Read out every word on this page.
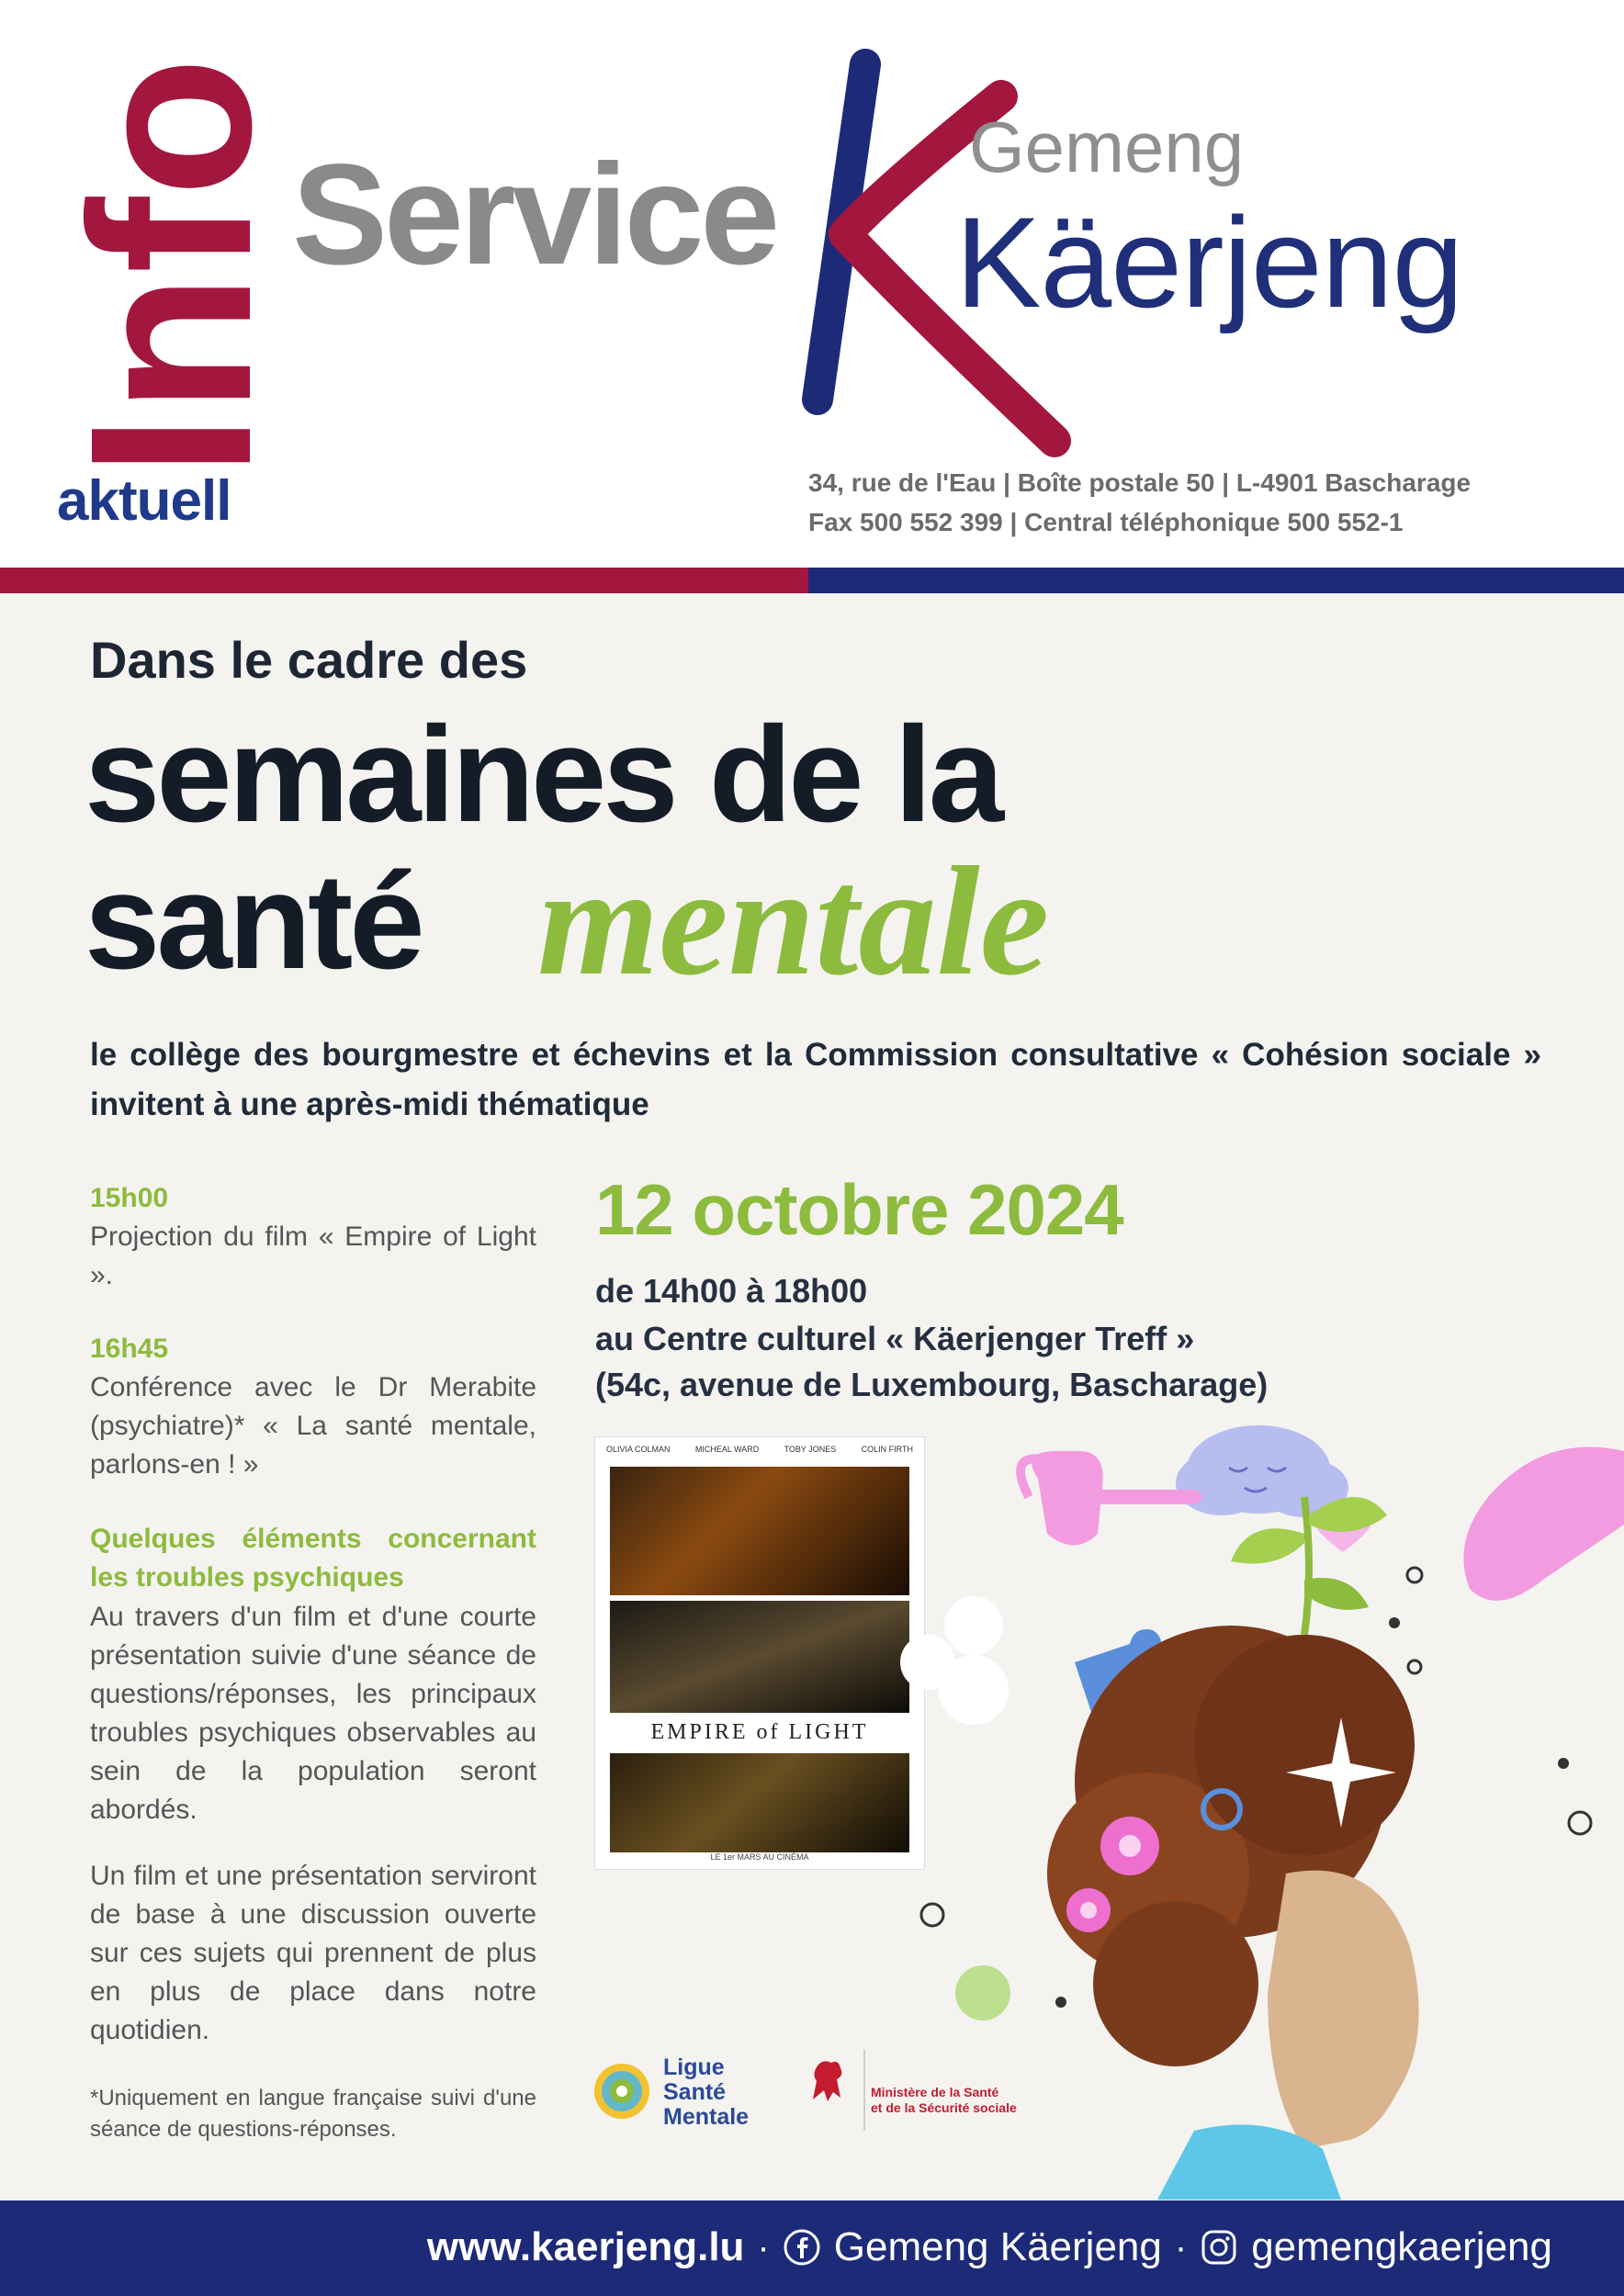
Info
aktuell
Service	Gemeng
Käerjeng
34, rue de l'Eau | Boîte postale 50 | L-4901 Bascharage
Fax 500 552 399 | Central téléphonique 500 552-1
Dans le cadre des
semaines de la
santé mentale
le collège des bourgmestre et échevins et la Commission consultative « Cohésion sociale » invitent à une après-midi thématique
15h00
Projection du film « Empire of Light ».
16h45
Conférence avec le Dr Merabite (psychiatre)* « La santé mentale, parlons-en ! »
Quelques éléments concernant les troubles psychiques
Au travers d'un film et d'une courte présentation suivie d'une séance de questions/réponses, les principaux troubles psychiques observables au sein de la population seront abordés.
Un film et une présentation serviront de base à une discussion ouverte sur ces sujets qui prennent de plus en plus de place dans notre quotidien.
*Uniquement en langue française suivi d'une séance de questions-réponses.
12 octobre 2024
de 14h00 à 18h00
au Centre culturel « Käerjenger Treff »
(54c, avenue de Luxembourg, Bascharage)
OLIVIA COLMAN	MICHEAL WARD	TOBY JONES	COLIN FIRTH
EMPIRE of LIGHT
LE 1er MARS AU CINÉMA
Ligue
Santé
Mentale
Ministère de la Santé
et de la Sécurité sociale
www.kaerjeng.lu · Gemeng Käerjeng · gemengkaerjeng
